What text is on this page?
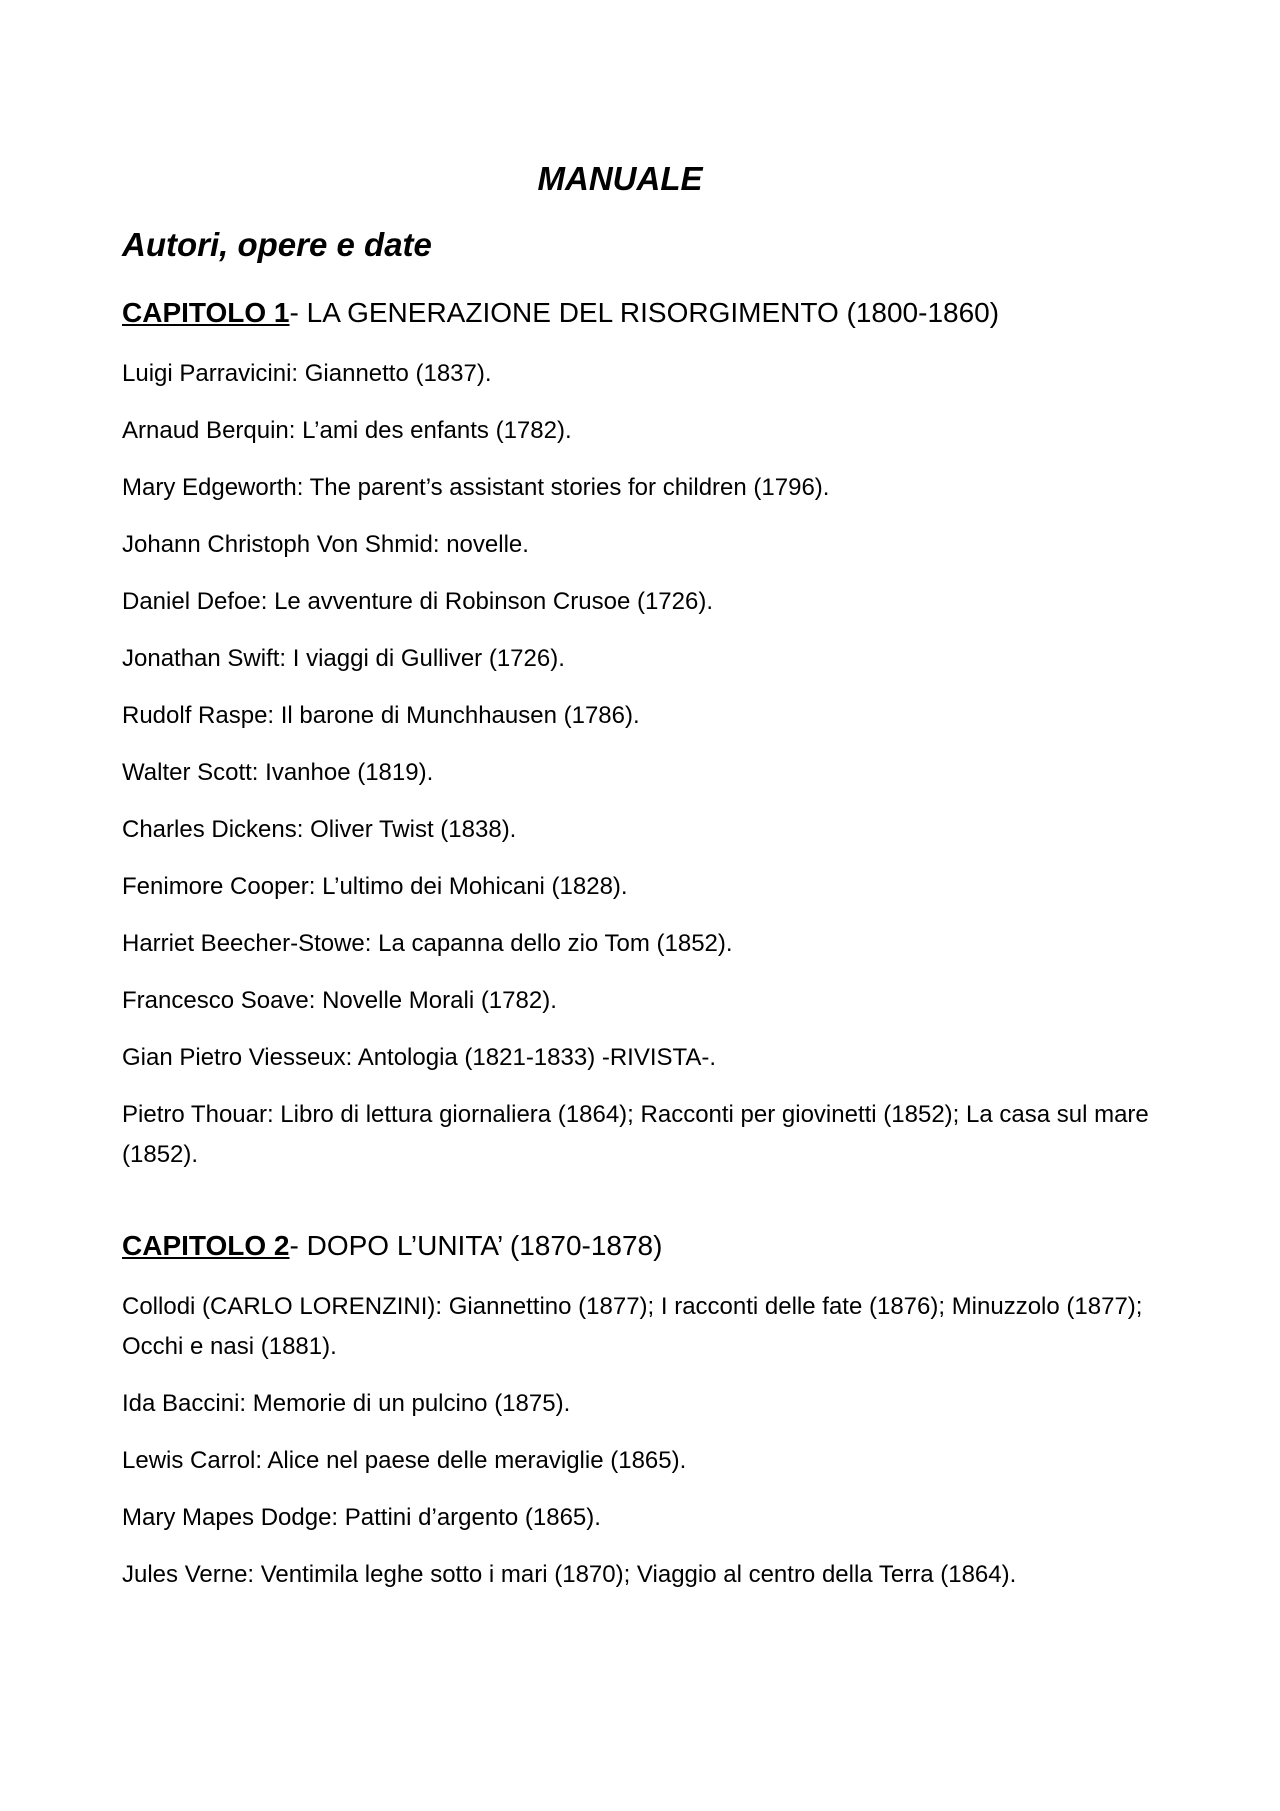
MANUALE
Autori, opere e date
CAPITOLO 1- LA GENERAZIONE DEL RISORGIMENTO (1800-1860)
Luigi Parravicini: Giannetto (1837).
Arnaud Berquin: L’ami des enfants (1782).
Mary Edgeworth: The parent’s assistant stories for children (1796).
Johann Christoph Von Shmid: novelle.
Daniel Defoe: Le avventure di Robinson Crusoe (1726).
Jonathan Swift: I viaggi di Gulliver (1726).
Rudolf Raspe: Il barone di Munchhausen (1786).
Walter Scott: Ivanhoe (1819).
Charles Dickens: Oliver Twist (1838).
Fenimore Cooper: L’ultimo dei Mohicani (1828).
Harriet Beecher-Stowe: La capanna dello zio Tom (1852).
Francesco Soave: Novelle Morali (1782).
Gian Pietro Viesseux: Antologia (1821-1833) -RIVISTA-.
Pietro Thouar: Libro di lettura giornaliera (1864); Racconti per giovinetti (1852); La casa sul mare (1852).
CAPITOLO 2- DOPO L’UNITA’ (1870-1878)
Collodi (CARLO LORENZINI): Giannettino (1877); I racconti delle fate (1876); Minuzzolo (1877); Occhi e nasi (1881).
Ida Baccini: Memorie di un pulcino (1875).
Lewis Carrol: Alice nel paese delle meraviglie (1865).
Mary Mapes Dodge: Pattini d’argento (1865).
Jules Verne: Ventimila leghe sotto i mari (1870); Viaggio al centro della Terra (1864).
